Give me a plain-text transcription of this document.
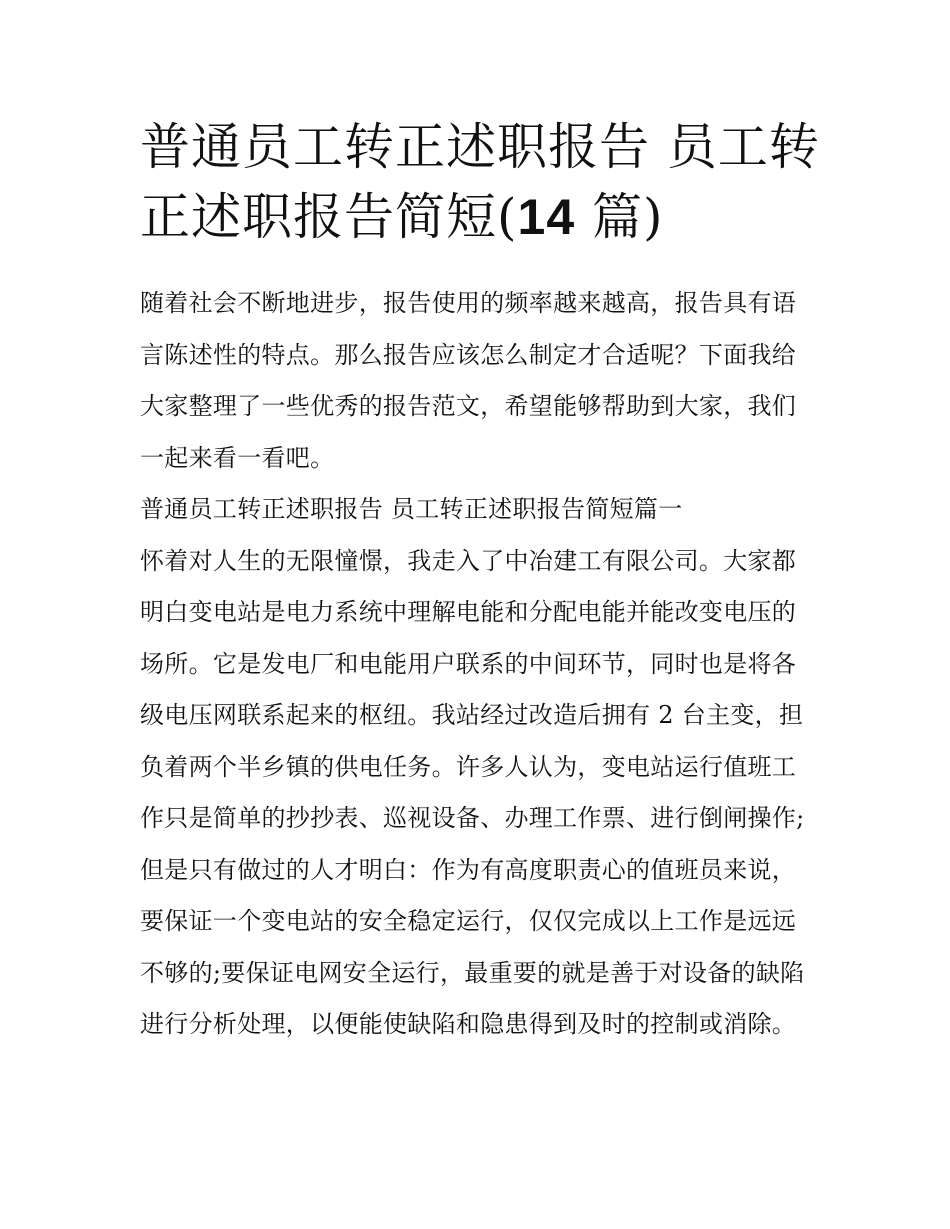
普通员工转正述职报告 员工转正述职报告简短(14 篇)

随着社会不断地进步，报告使用的频率越来越高，报告具有语言陈述性的特点。那么报告应该怎么制定才合适呢？下面我给大家整理了一些优秀的报告范文，希望能够帮助到大家，我们一起来看一看吧。

普通员工转正述职报告 员工转正述职报告简短篇一

怀着对人生的无限憧憬，我走入了中冶建工有限公司。大家都明白变电站是电力系统中理解电能和分配电能并能改变电压的场所。它是发电厂和电能用户联系的中间环节，同时也是将各级电压网联系起来的枢纽。我站经过改造后拥有 2 台主变，担负着两个半乡镇的供电任务。许多人认为，变电站运行值班工作只是简单的抄抄表、巡视设备、办理工作票、进行倒闸操作;但是只有做过的人才明白：作为有高度职责心的值班员来说，要保证一个变电站的安全稳定运行，仅仅完成以上工作是远远不够的;要保证电网安全运行，最重要的就是善于对设备的缺陷进行分析处理，以便能使缺陷和隐患得到及时的控制或消除。
